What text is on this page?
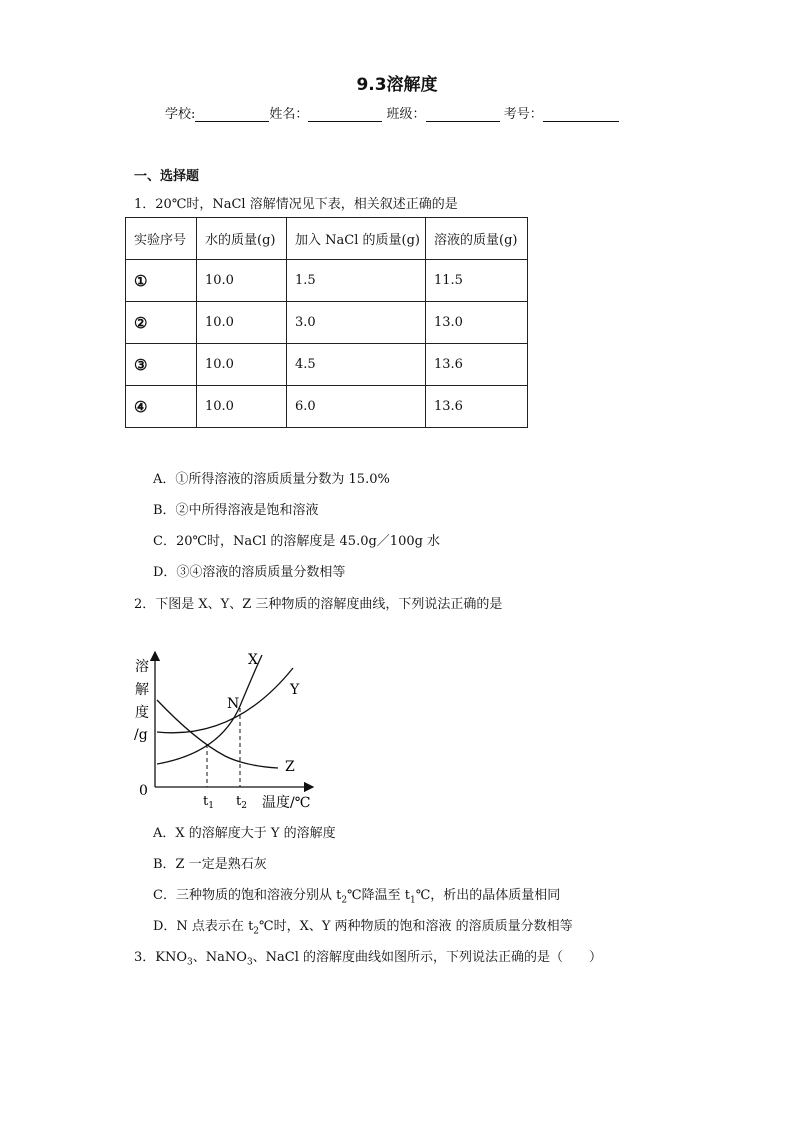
9.3溶解度
学校:	姓名：	班级：	考号：
一、选择题
1．20℃时，NaCl 溶解情况见下表，相关叙述正确的是
实验序号	水的质量(g)	加入 NaCl 的质量(g)	溶液的质量(g)
①	10.0	1.5	11.5
②	10.0	3.0	13.0
③	10.0	4.5	13.6
④	10.0	6.0	13.6
A．①所得溶液的溶质质量分数为 15.0%
B．②中所得溶液是饱和溶液
C．20℃时，NaCl 的溶解度是 45.0g／100g 水
D．③④溶液的溶质质量分数相等
2．下图是 X、Y、Z 三种物质的溶解度曲线，下列说法正确的是
溶
解
度
/g
0
X
Y
Z
N
$t_1$ $t_2$ 温度/℃
A．X 的溶解度大于 Y 的溶解度
B．Z 一定是熟石灰
C．三种物质的饱和溶液分别从 $t_2℃$降温至 $t_1℃$，析出的晶体质量相同
D．N 点表示在 $t_2℃$时，X、Y 两种物质的饱和溶液 的溶质质量分数相等
3．$KNO_3$、NaNO$_3$、NaCl 的溶解度曲线如图所示，下列说法正确的是（　　）
